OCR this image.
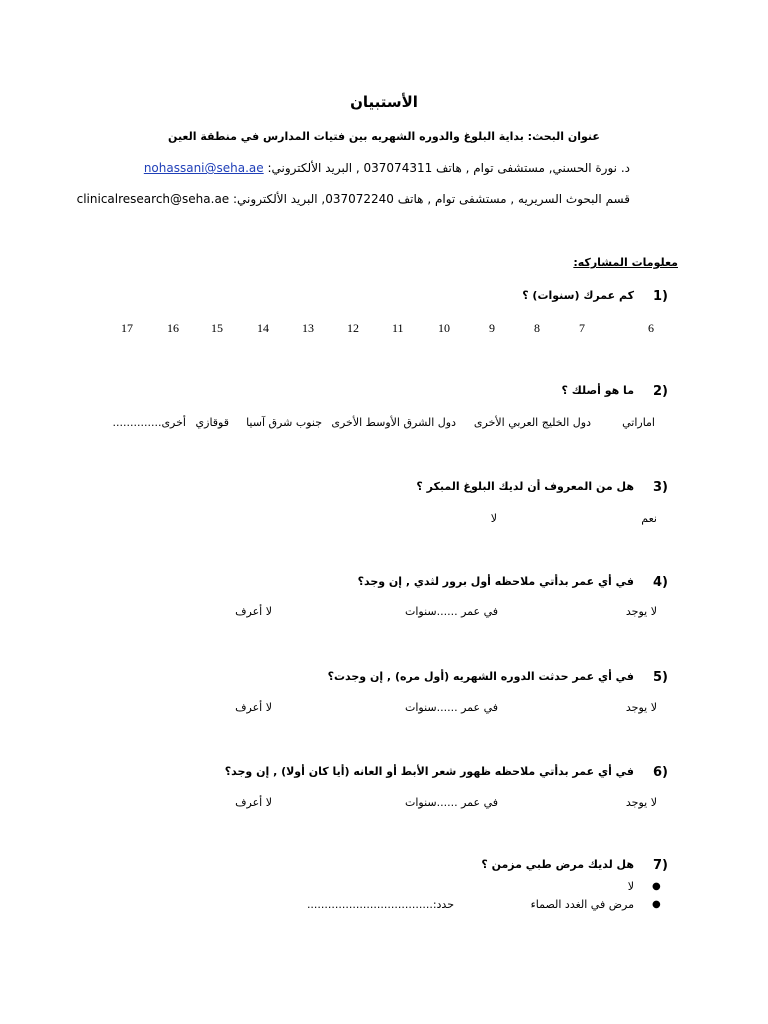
الأستبيان
عنوان البحث: بداية البلوغ والدوره الشهريه بين فتيات المدارس في منطقة العين
د. نورة الحسني, مستشفى توام , هاتف 037074311 , البريد الألكتروني: nohassani@seha.ae
قسم البحوث السريريه , مستشفى توام , هاتف 037072240, البريد الألكتروني: clinicalresearch@seha.ae
معلومات المشاركه:
1)
كم عمرك (سنوات) ؟
6
7
8
9
10
11
12
13
14
15
16
17
2)
ما هو أصلك ؟
اماراتي
دول الخليج العربي الأخرى
دول الشرق الأوسط الأخرى
جنوب شرق آسيا
قوقازي
أخرى..............
3)
هل من المعروف أن لديك البلوغ المبكر ؟
نعم
لا
4)
في أي عمر بدأتي ملاحظه أول برور لثدي , إن وجد؟
لا يوجد
في عمر ......سنوات
لا أعرف
5)
في أي عمر حدثت الدوره الشهريه (أول مره) , إن وجدت؟
لا يوجد
في عمر ......سنوات
لا أعرف
6)
في أي عمر بدأتي ملاحظه ظهور شعر الأبط أو العانه (أيا كان أولا) , إن وجد؟
لا يوجد
في عمر ......سنوات
لا أعرف
7)
هل لديك مرض طبي مزمن ؟
●
لا
●
مرض في الغدد الصماء
حدد:....................................
